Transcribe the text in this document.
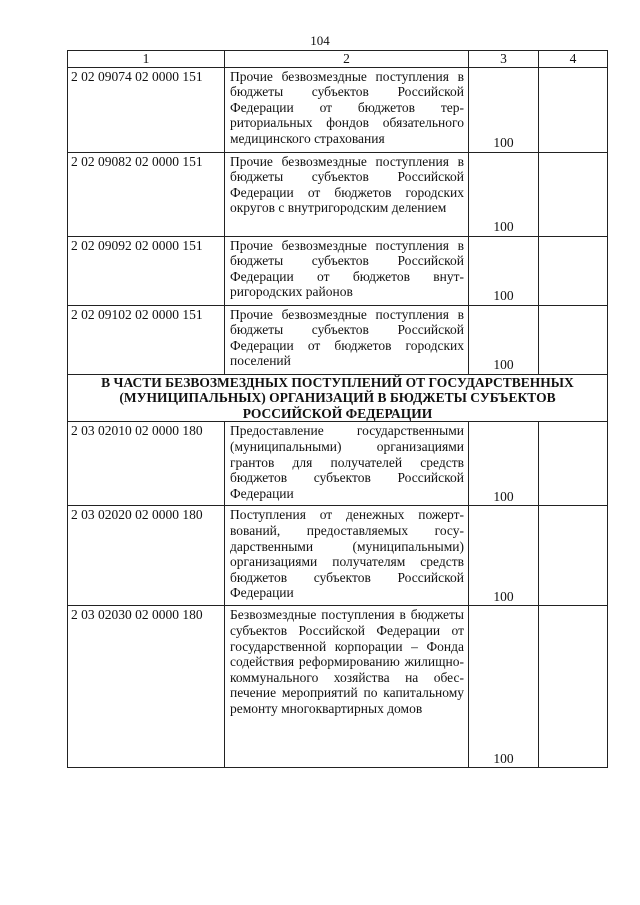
104
1	2	3	4
2 02 09074 02 0000 151	Прочие безвозмездные поступления в бюджеты субъектов Российской Федерации от бюджетов территориальных фондов обязательного медицинского страхования	100	
2 02 09082 02 0000 151	Прочие безвозмездные поступления в бюджеты субъектов Российской Федерации от бюджетов городских округов с внутригородским делением	100	
2 02 09092 02 0000 151	Прочие безвозмездные поступления в бюджеты субъектов Российской Федерации от бюджетов внутригородских районов	100	
2 02 09102 02 0000 151	Прочие безвозмездные поступления в бюджеты субъектов Российской Федерации от бюджетов городских поселений	100	
В ЧАСТИ БЕЗВОЗМЕЗДНЫХ ПОСТУПЛЕНИЙ ОТ ГОСУДАРСТВЕННЫХ (МУНИЦИПАЛЬНЫХ) ОРГАНИЗАЦИЙ В БЮДЖЕТЫ СУБЪЕКТОВ РОССИЙСКОЙ ФЕДЕРАЦИИ			
2 03 02010 02 0000 180	Предоставление государственными (муниципальными) организациями грантов для получателей средств бюджетов субъектов Российской Федерации	100	
2 03 02020 02 0000 180	Поступления от денежных пожертвований, предоставляемых государственными (муниципальными) организациями получателям средств бюджетов субъектов Российской Федерации	100	
2 03 02030 02 0000 180	Безвозмездные поступления в бюджеты субъектов Российской Федерации от государственной корпорации – Фонда содействия реформированию жилищно-коммунального хозяйства на обеспечение мероприятий по капитальному ремонту многоквартирных домов	100	
